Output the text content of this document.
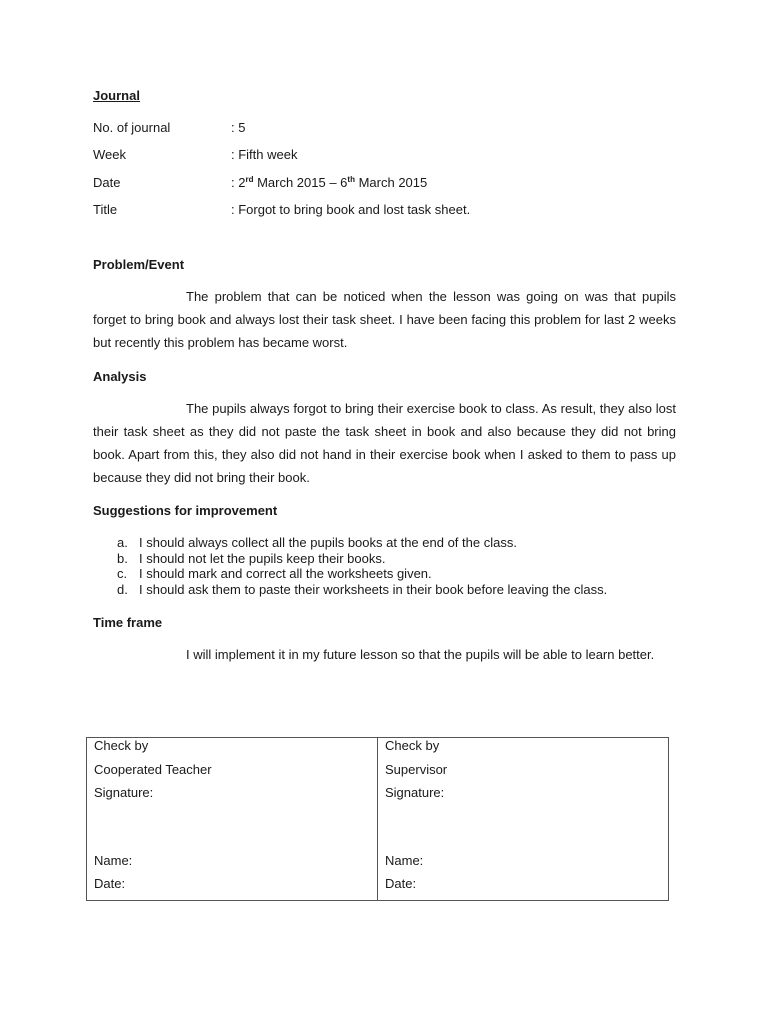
Journal
No. of journal	: 5
Week	: Fifth week
Date	: 2rd March 2015 – 6th March 2015
Title	: Forgot to bring book and lost task sheet.
Problem/Event

The problem that can be noticed when the lesson was going on was that pupils forget to bring book and always lost their task sheet. I have been facing this problem for last 2 weeks but recently this problem has became worst.

Analysis

The pupils always forgot to bring their exercise book to class. As result, they also lost their task sheet as they did not paste the task sheet in book and also because they did not bring book. Apart from this, they also did not hand in their exercise book when I asked to them to pass up because they did not bring their book.

Suggestions for improvement
a. I should always collect all the pupils books at the end of the class.
b. I should not let the pupils keep their books.
c. I should mark and correct all the worksheets given.
d. I should ask them to paste their worksheets in their book before leaving the class.
Time frame

I will implement it in my future lesson so that the pupils will be able to learn better.

Check by
Cooperated Teacher
Signature:
Name:
Date:

Check by
Supervisor
Signature:
Name:
Date:
